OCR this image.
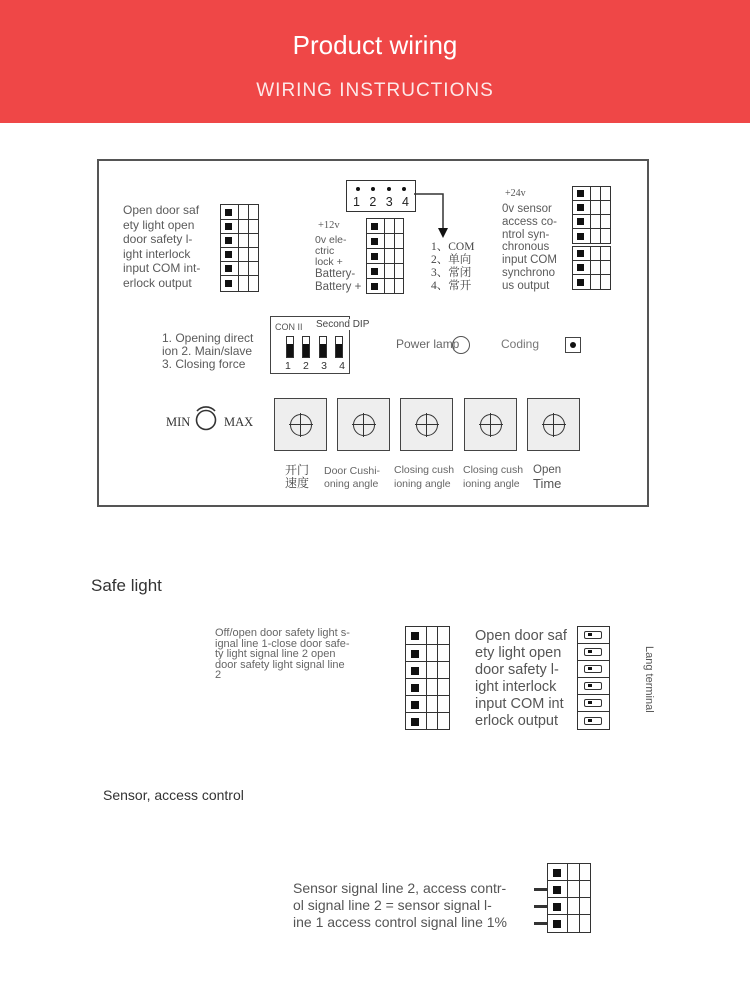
Product wiring
WIRING INSTRUCTIONS
Open door saf
ety light open
door safety l-
ight interlock
input COM int-
erlock output
+12v
0v ele-
ctric
lock +
Battery-
Battery +
1 2 3 4
1、COM
2、单向
3、常闭
4、常开
+24v
0v sensor
access co-
ntrol syn-
chronous
input COM
synchrono
us output
1. Opening direct
ion 2. Main/slave
3. Closing force
CON II
1 2 3 4
Second DIP
Power lamp	Coding
MIN	MAX
开门
速度
Door Cushi-
oning angle
Closing cush
ioning angle
Closing cush
ioning angle
Open
Time
Safe light
Off/open door safety light s-
ignal line 1-close door safe-
ty light signal line 2 open
door safety light signal line
2
Open door saf
ety light open
door safety l-
ight interlock
input COM int
erlock output
Lang terminal
Sensor, access control
Sensor signal line 2, access contr-
ol signal line 2 = sensor signal l-
ine 1 access control signal line 1%
